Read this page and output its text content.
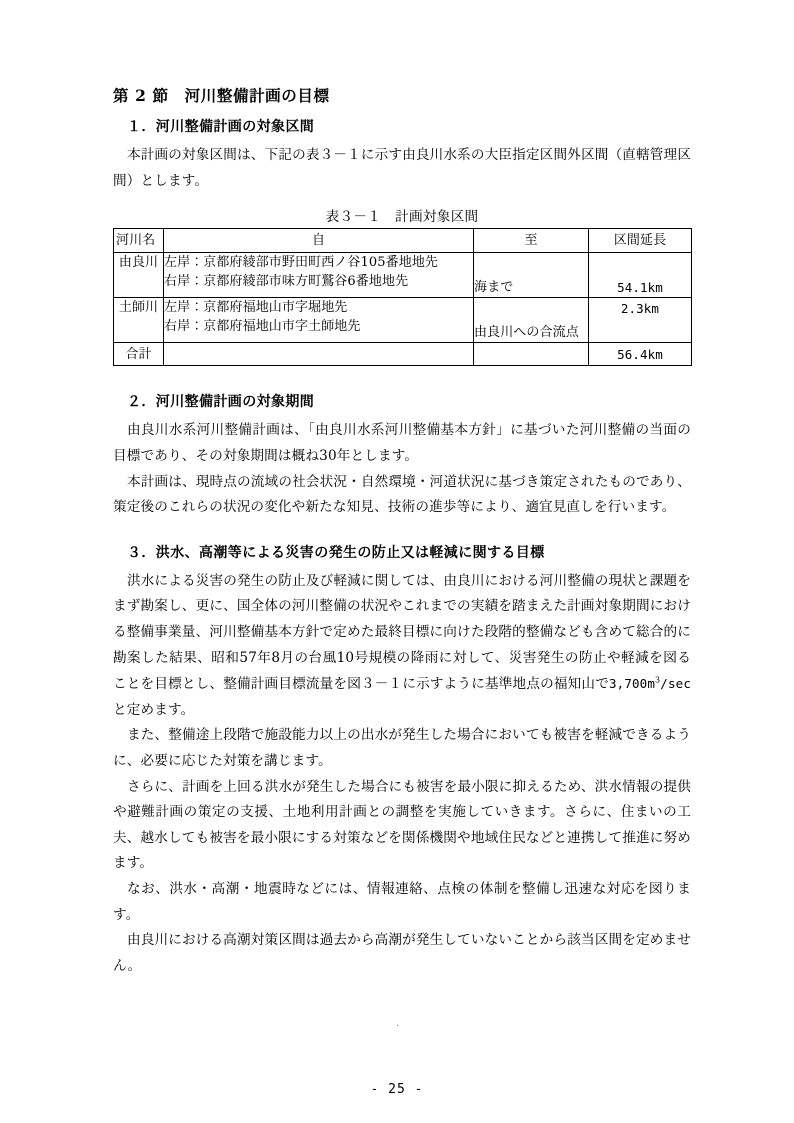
第 2 節　河川整備計画の目標
１．河川整備計画の対象区間

本計画の対象区間は、下記の表３－１に示す由良川水系の大臣指定区間外区間（直轄管理区間）とします。

表３－１　計画対象区間
河川名	自	至	区間延長
由良川	左岸：京都府綾部市野田町西ノ谷105番地地先
右岸：京都府綾部市味方町鷲谷6番地地先	海まで	54.1km
土師川	左岸：京都府福地山市字堀地先
右岸：京都府福地山市字土師地先	由良川への合流点	2.3km
合計			56.4km
２．河川整備計画の対象期間

由良川水系河川整備計画は、「由良川水系河川整備基本方針」に基づいた河川整備の当面の目標であり、その対象期間は概ね30年とします。

本計画は、現時点の流域の社会状況・自然環境・河道状況に基づき策定されたものであり、策定後のこれらの状況の変化や新たな知見、技術の進歩等により、適宜見直しを行います。

３．洪水、高潮等による災害の発生の防止又は軽減に関する目標

洪水による災害の発生の防止及び軽減に関しては、由良川における河川整備の現状と課題をまず勘案し、更に、国全体の河川整備の状況やこれまでの実績を踏まえた計画対象期間における整備事業量、河川整備基本方針で定めた最終目標に向けた段階的整備なども含めて総合的に勘案した結果、昭和57年8月の台風10号規模の降雨に対して、災害発生の防止や軽減を図ることを目標とし、整備計画目標流量を図３－１に示すように基準地点の福知山で$3,700m^3/\sec$と定めます。

また、整備途上段階で施設能力以上の出水が発生した場合においても被害を軽減できるように、必要に応じた対策を講じます。

さらに、計画を上回る洪水が発生した場合にも被害を最小限に抑えるため、洪水情報の提供や避難計画の策定の支援、土地利用計画との調整を実施していきます。さらに、住まいの工夫、越水しても被害を最小限にする対策などを関係機関や地域住民などと連携して推進に努めます。

なお、洪水・高潮・地震時などには、情報連絡、点検の体制を整備し迅速な対応を図ります。

由良川における高潮対策区間は過去から高潮が発生していないことから該当区間を定めません。

.
- 25 -
